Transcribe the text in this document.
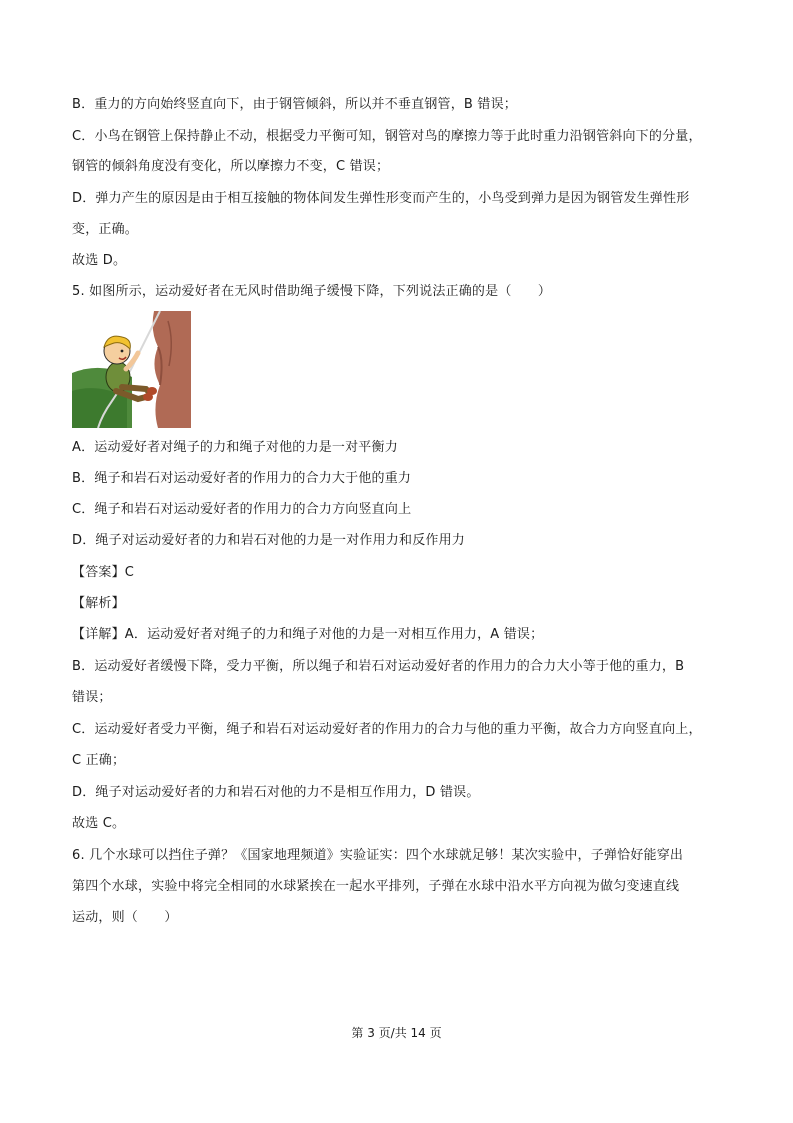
B．重力的方向始终竖直向下，由于钢管倾斜，所以并不垂直钢管，B 错误；
C．小鸟在钢管上保持静止不动，根据受力平衡可知，钢管对鸟的摩擦力等于此时重力沿钢管斜向下的分量，
钢管的倾斜角度没有变化，所以摩擦力不变，C 错误；
D．弹力产生的原因是由于相互接触的物体间发生弹性形变而产生的，小鸟受到弹力是因为钢管发生弹性形
变，正确。
故选 D。
5. 如图所示，运动爱好者在无风时借助绳子缓慢下降，下列说法正确的是（　　）
A．运动爱好者对绳子的力和绳子对他的力是一对平衡力
B．绳子和岩石对运动爱好者的作用力的合力大于他的重力
C．绳子和岩石对运动爱好者的作用力的合力方向竖直向上
D．绳子对运动爱好者的力和岩石对他的力是一对作用力和反作用力
【答案】C
【解析】
【详解】A．运动爱好者对绳子的力和绳子对他的力是一对相互作用力，A 错误；
B．运动爱好者缓慢下降，受力平衡，所以绳子和岩石对运动爱好者的作用力的合力大小等于他的重力，B
错误；
C．运动爱好者受力平衡，绳子和岩石对运动爱好者的作用力的合力与他的重力平衡，故合力方向竖直向上，
C 正确；
D．绳子对运动爱好者的力和岩石对他的力不是相互作用力，D 错误。
故选 C。
6. 几个水球可以挡住子弹？《国家地理频道》实验证实：四个水球就足够！某次实验中，子弹恰好能穿出
第四个水球，实验中将完全相同的水球紧挨在一起水平排列，子弹在水球中沿水平方向视为做匀变速直线
运动，则（　　）
第 3 页/共 14 页
